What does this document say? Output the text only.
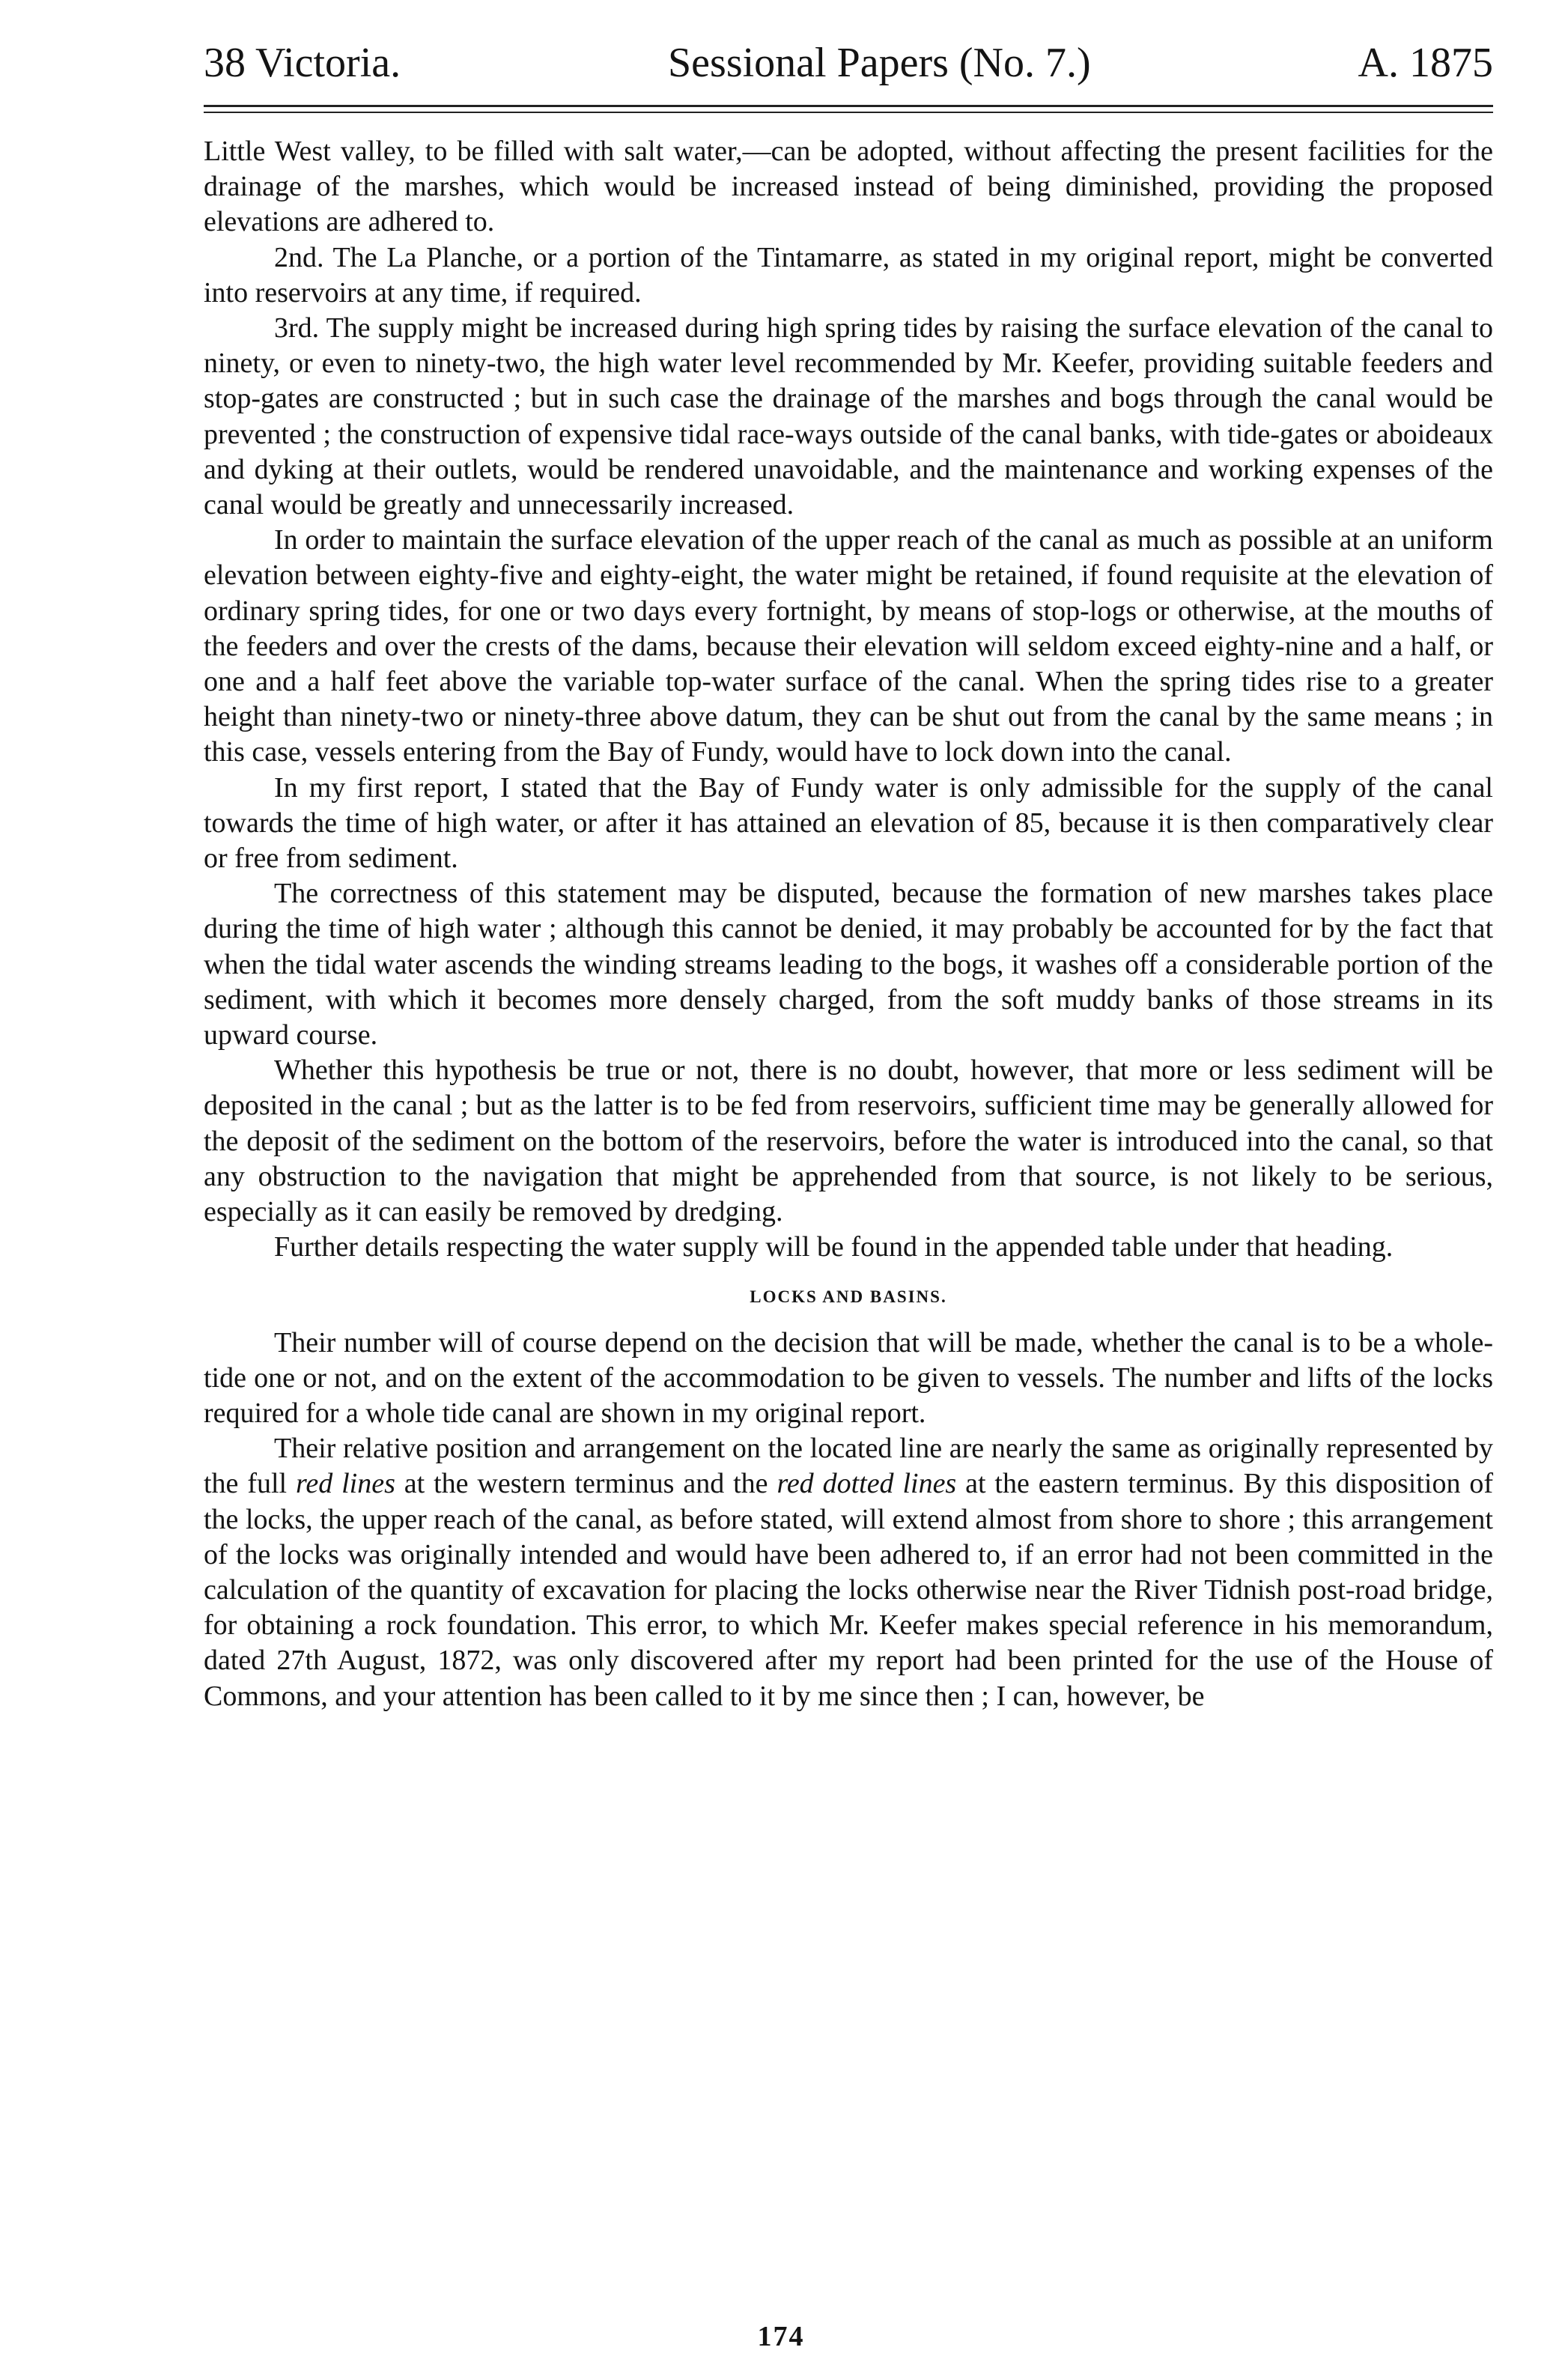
38 Victoria.	Sessional Papers (No. 7.)	A. 1875

Little West valley, to be filled with salt water,—can be adopted, without affecting the present facilities for the drainage of the marshes, which would be increased instead of being diminished, providing the proposed elevations are adhered to.

2nd. The La Planche, or a portion of the Tintamarre, as stated in my original report, might be converted into reservoirs at any time, if required.

3rd. The supply might be increased during high spring tides by raising the surface elevation of the canal to ninety, or even to ninety-two, the high water level recommended by Mr. Keefer, providing suitable feeders and stop-gates are constructed ; but in such case the drainage of the marshes and bogs through the canal would be prevented ; the construction of expensive tidal race-ways outside of the canal banks, with tide-gates or aboideaux and dyking at their outlets, would be rendered unavoidable, and the maintenance and working expenses of the canal would be greatly and unnecessarily increased.

In order to maintain the surface elevation of the upper reach of the canal as much as possible at an uniform elevation between eighty-five and eighty-eight, the water might be retained, if found requisite at the elevation of ordinary spring tides, for one or two days every fortnight, by means of stop-logs or otherwise, at the mouths of the feeders and over the crests of the dams, because their elevation will seldom exceed eighty-nine and a half, or one and a half feet above the variable top-water surface of the canal. When the spring tides rise to a greater height than ninety-two or ninety-three above datum, they can be shut out from the canal by the same means ; in this case, vessels entering from the Bay of Fundy, would have to lock down into the canal.

In my first report, I stated that the Bay of Fundy water is only admissible for the supply of the canal towards the time of high water, or after it has attained an elevation of 85, because it is then comparatively clear or free from sediment.

The correctness of this statement may be disputed, because the formation of new marshes takes place during the time of high water ; although this cannot be denied, it may probably be accounted for by the fact that when the tidal water ascends the winding streams leading to the bogs, it washes off a considerable portion of the sediment, with which it becomes more densely charged, from the soft muddy banks of those streams in its upward course.

Whether this hypothesis be true or not, there is no doubt, however, that more or less sediment will be deposited in the canal ; but as the latter is to be fed from reservoirs, sufficient time may be generally allowed for the deposit of the sediment on the bottom of the reservoirs, before the water is introduced into the canal, so that any obstruction to the navigation that might be apprehended from that source, is not likely to be serious, especially as it can easily be removed by dredging.

Further details respecting the water supply will be found in the appended table under that heading.

LOCKS AND BASINS.

Their number will of course depend on the decision that will be made, whether the canal is to be a whole-tide one or not, and on the extent of the accommodation to be given to vessels. The number and lifts of the locks required for a whole tide canal are shown in my original report.

Their relative position and arrangement on the located line are nearly the same as originally represented by the full red lines at the western terminus and the red dotted lines at the eastern terminus. By this disposition of the locks, the upper reach of the canal, as before stated, will extend almost from shore to shore ; this arrangement of the locks was originally intended and would have been adhered to, if an error had not been committed in the calculation of the quantity of excavation for placing the locks otherwise near the River Tidnish post-road bridge, for obtaining a rock foundation. This error, to which Mr. Keefer makes special reference in his memorandum, dated 27th August, 1872, was only discovered after my report had been printed for the use of the House of Commons, and your attention has been called to it by me since then ; I can, however, be

174
